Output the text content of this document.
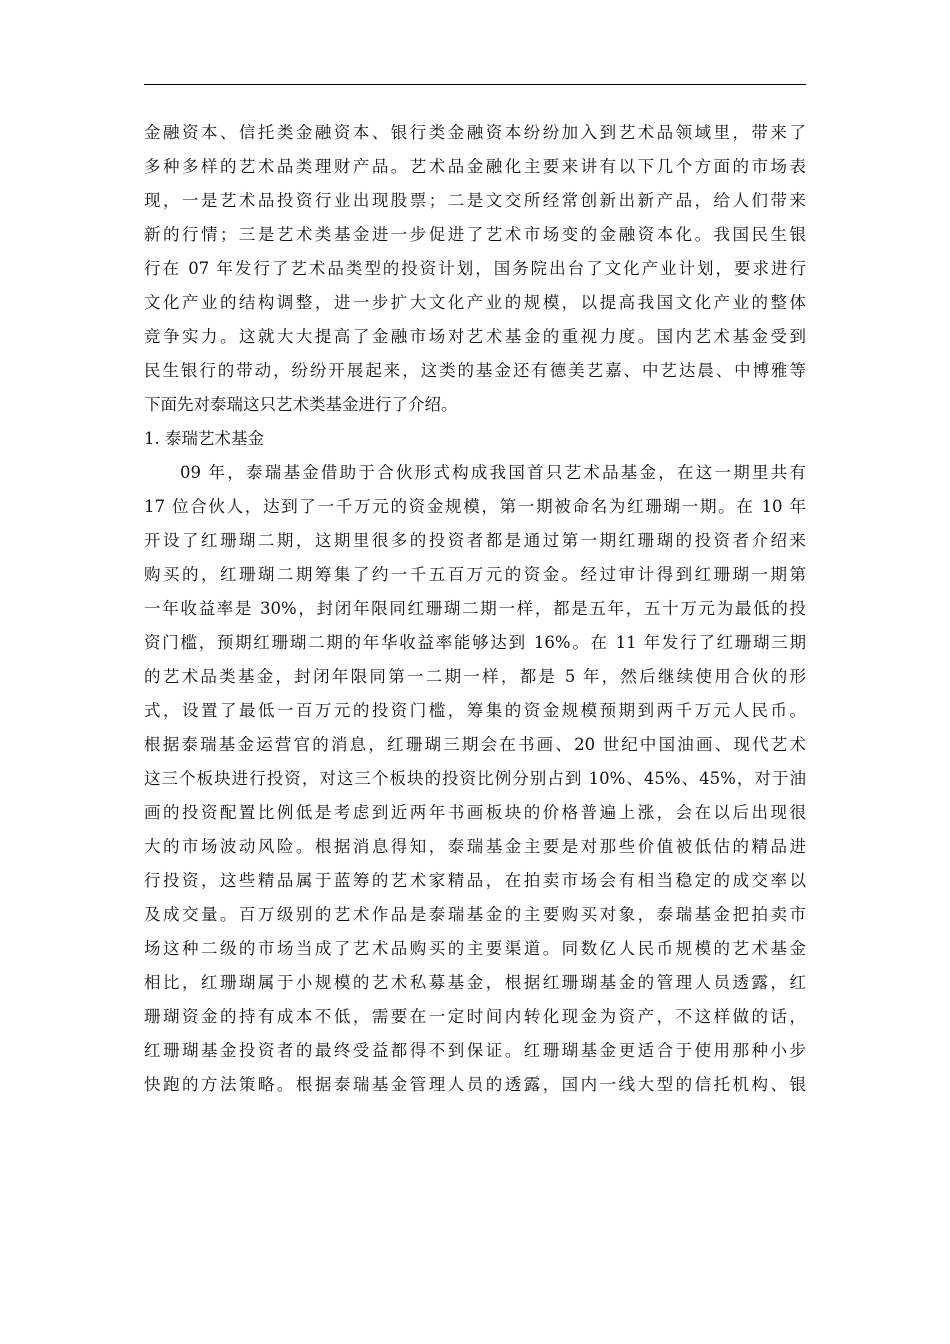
金融资本、信托类金融资本、银行类金融资本纷纷加入到艺术品领域里，带来了
多种多样的艺术品类理财产品。艺术品金融化主要来讲有以下几个方面的市场表
现，一是艺术品投资行业出现股票；二是文交所经常创新出新产品，给人们带来
新的行情；三是艺术类基金进一步促进了艺术市场变的金融资本化。我国民生银
行在 07 年发行了艺术品类型的投资计划，国务院出台了文化产业计划，要求进行
文化产业的结构调整，进一步扩大文化产业的规模，以提高我国文化产业的整体
竞争实力。这就大大提高了金融市场对艺术基金的重视力度。国内艺术基金受到
民生银行的带动，纷纷开展起来，这类的基金还有德美艺嘉、中艺达晨、中博雅等
下面先对泰瑞这只艺术类基金进行了介绍。
1. 泰瑞艺术基金
09 年，泰瑞基金借助于合伙形式构成我国首只艺术品基金，在这一期里共有
17 位合伙人，达到了一千万元的资金规模，第一期被命名为红珊瑚一期。在 10 年
开设了红珊瑚二期，这期里很多的投资者都是通过第一期红珊瑚的投资者介绍来
购买的，红珊瑚二期筹集了约一千五百万元的资金。经过审计得到红珊瑚一期第
一年收益率是 30%，封闭年限同红珊瑚二期一样，都是五年，五十万元为最低的投
资门槛，预期红珊瑚二期的年华收益率能够达到 16%。在 11 年发行了红珊瑚三期
的艺术品类基金，封闭年限同第一二期一样，都是 5 年，然后继续使用合伙的形
式，设置了最低一百万元的投资门槛，筹集的资金规模预期到两千万元人民币。
根据泰瑞基金运营官的消息，红珊瑚三期会在书画、20 世纪中国油画、现代艺术
这三个板块进行投资，对这三个板块的投资比例分别占到 10%、45%、45%，对于油
画的投资配置比例低是考虑到近两年书画板块的价格普遍上涨，会在以后出现很
大的市场波动风险。根据消息得知，泰瑞基金主要是对那些价值被低估的精品进
行投资，这些精品属于蓝筹的艺术家精品，在拍卖市场会有相当稳定的成交率以
及成交量。百万级别的艺术作品是泰瑞基金的主要购买对象，泰瑞基金把拍卖市
场这种二级的市场当成了艺术品购买的主要渠道。同数亿人民币规模的艺术基金
相比，红珊瑚属于小规模的艺术私募基金，根据红珊瑚基金的管理人员透露，红
珊瑚资金的持有成本不低，需要在一定时间内转化现金为资产，不这样做的话，
红珊瑚基金投资者的最终受益都得不到保证。红珊瑚基金更适合于使用那种小步
快跑的方法策略。根据泰瑞基金管理人员的透露，国内一线大型的信托机构、银
